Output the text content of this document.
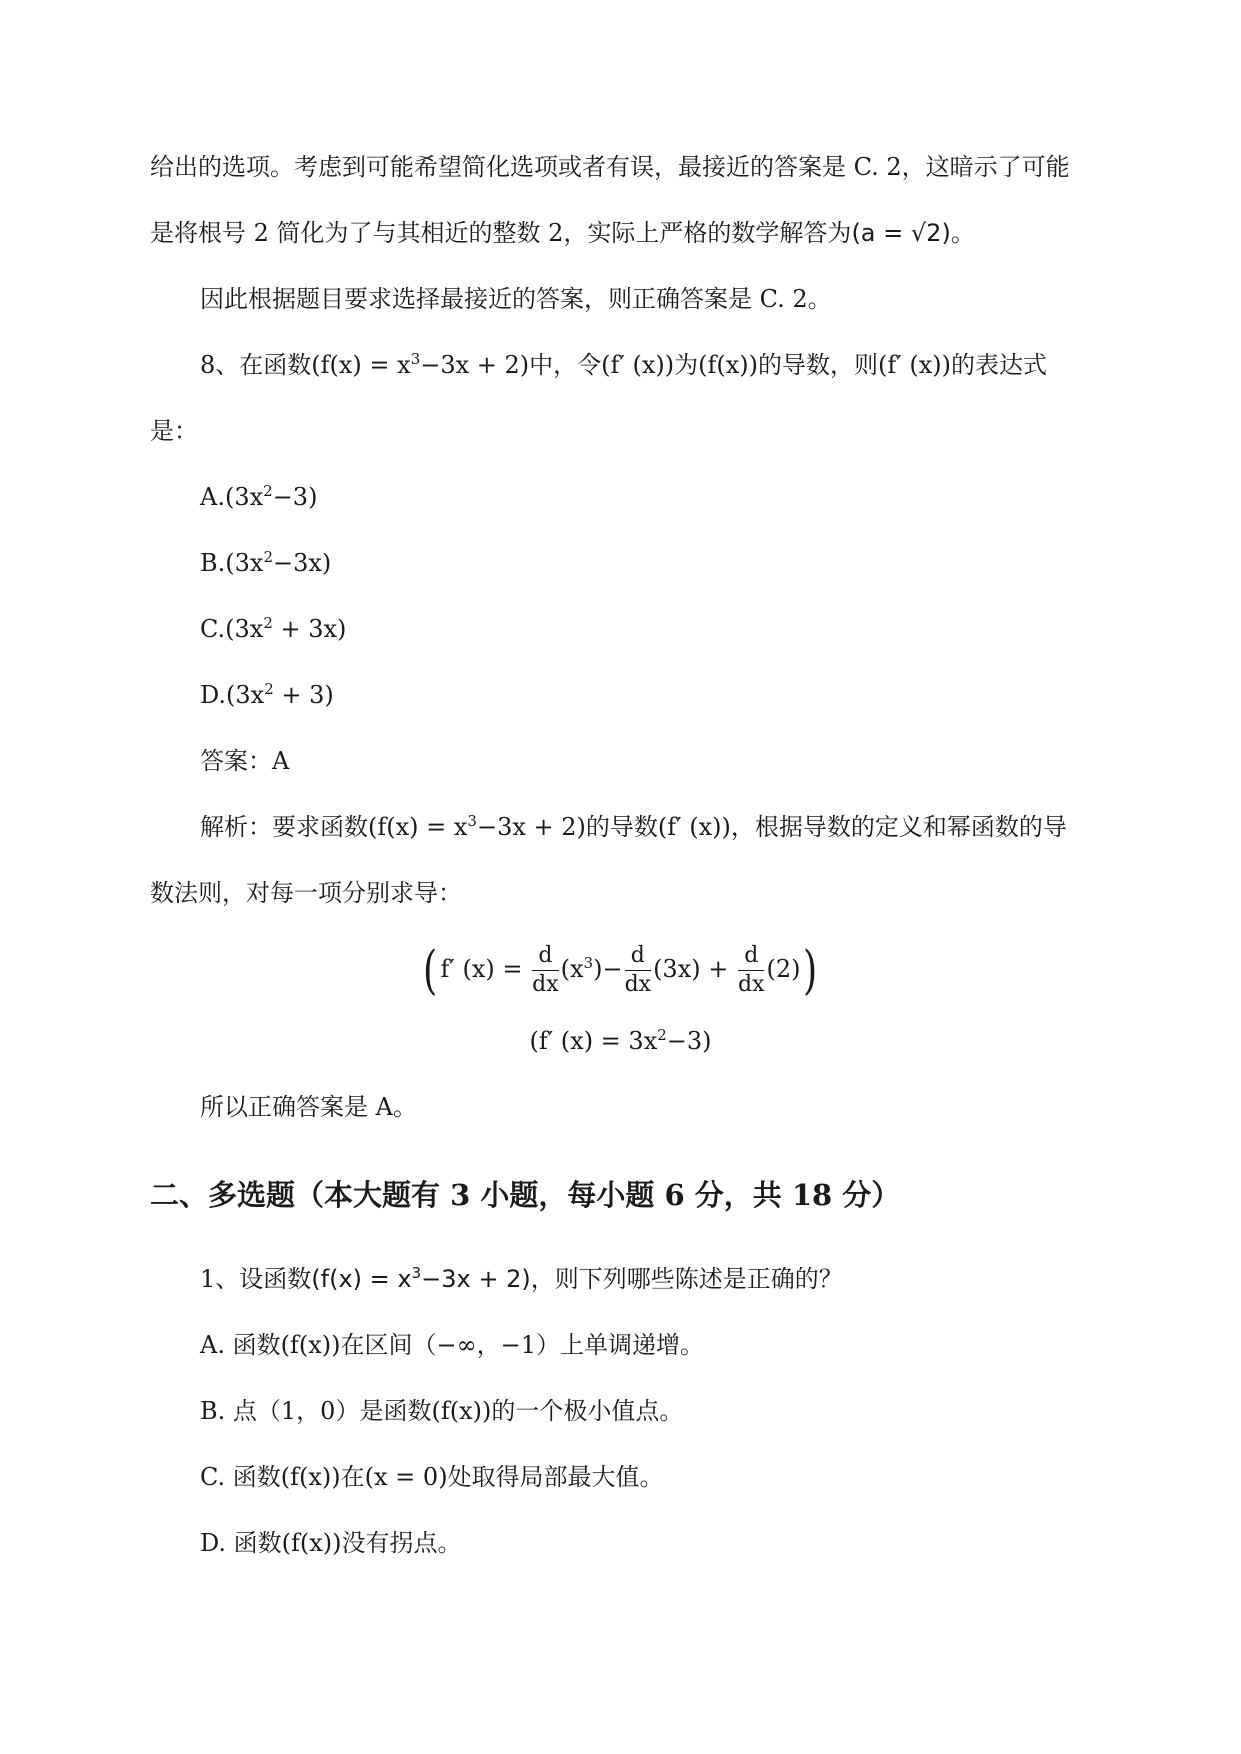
给出的选项。考虑到可能希望简化选项或者有误，最接近的答案是 C. 2，这暗示了可能
是将根号 2 简化为了与其相近的整数 2，实际上严格的数学解答为(a = √2)。
因此根据题目要求选择最接近的答案，则正确答案是 C. 2。
8、在函数$(f(x) = x^3-3x + 2)$中，令(f′ (x))为(f(x))的导数，则(f′ (x))的表达式
是：
$A.(3x^2-3)$
$B.(3x^2-3x)$
$C.(3x^2 + 3x)$
$D.(3x^2 + 3)$
答案：A
解析：要求函数$(f(x) = x^3-3x + 2)$的导数(f′ (x))，根据导数的定义和幂函数的导
数法则，对每一项分别求导：
( f′ $(x) = \frac{d}{dx} (x^3)- \frac{d}{dx} (3x) + \frac{d}{dx} (2)$)
(f′ $(x) = 3x^2-3$)
所以正确答案是 A。
二、多选题（本大题有 3 小题，每小题 6 分，共 18 分）
1、设函数$(f(x) = x^3-3x + 2)$，则下列哪些陈述是正确的？
A. 函数(f(x))在区间（−∞，−1）上单调递增。
B. 点（1，0）是函数(f(x))的一个极小值点。
C. 函数(f(x))在(x = 0)处取得局部最大值。
D. 函数(f(x))没有拐点。
